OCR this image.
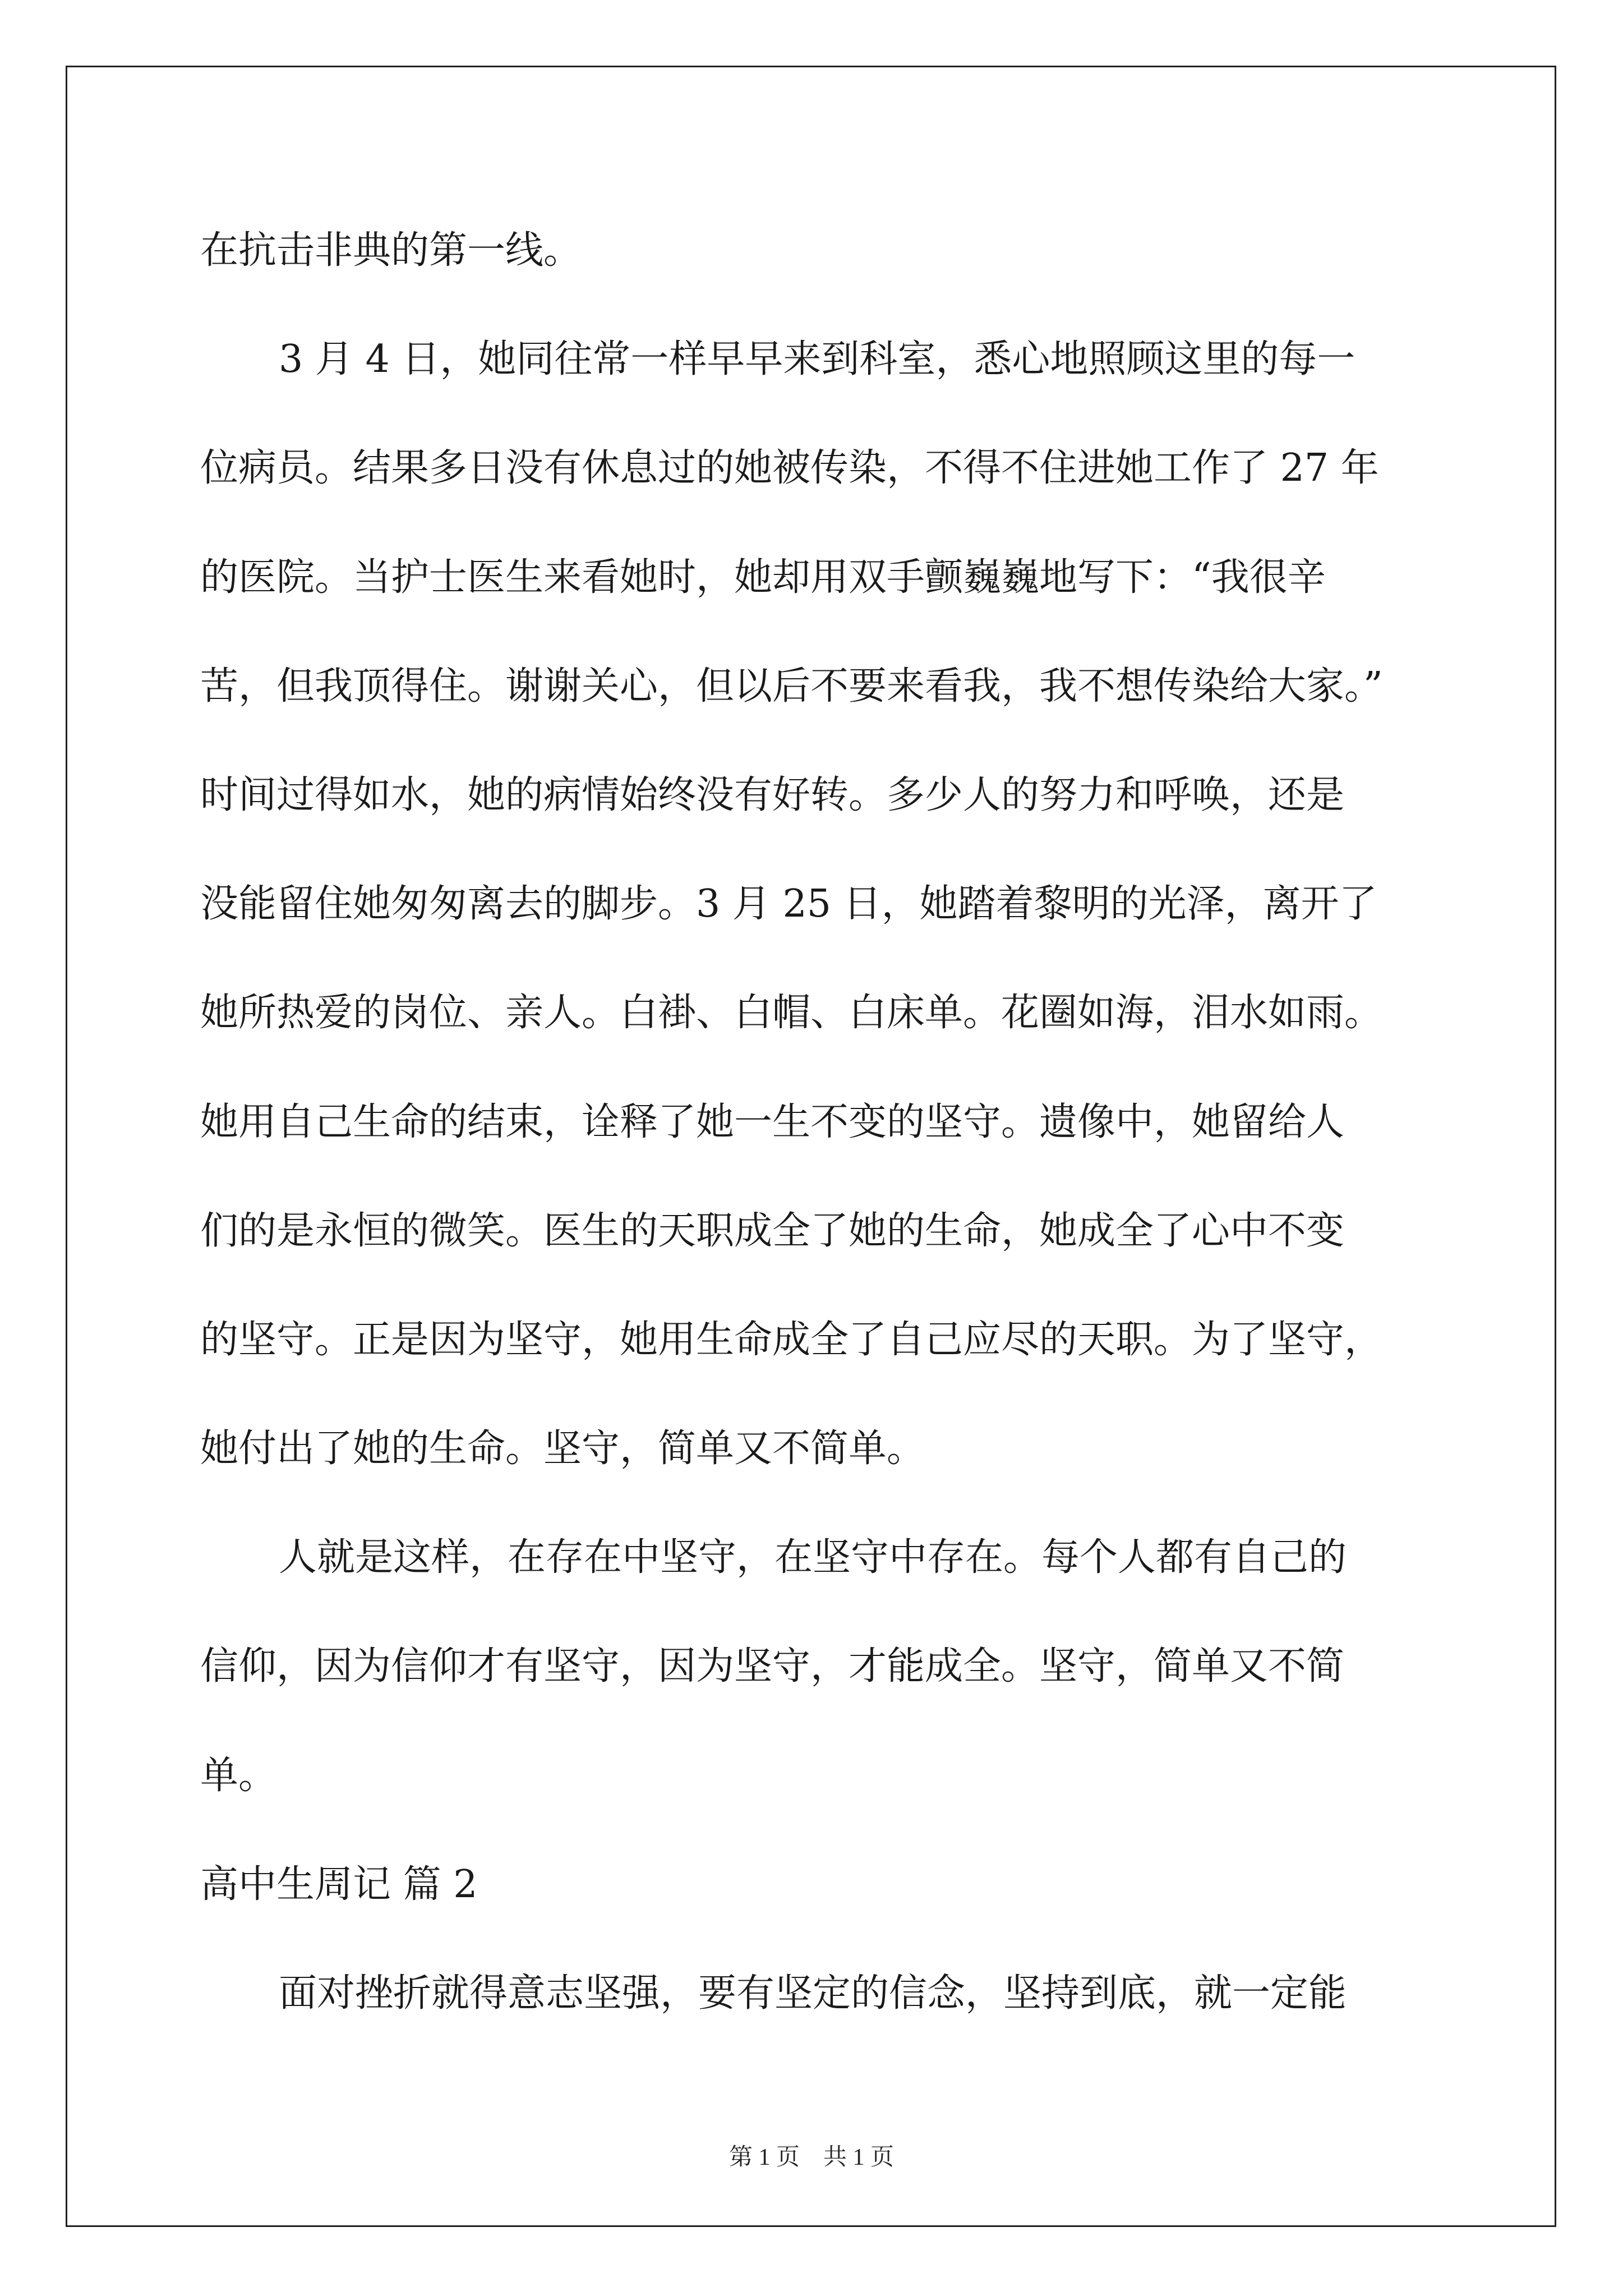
在抗击非典的第一线。
3 月 4 日，她同往常一样早早来到科室，悉心地照顾这里的每一
位病员。结果多日没有休息过的她被传染，不得不住进她工作了 27 年
的医院。当护士医生来看她时，她却用双手颤巍巍地写下：“我很辛
苦，但我顶得住。谢谢关心，但以后不要来看我，我不想传染给大家。”
时间过得如水，她的病情始终没有好转。多少人的努力和呼唤，还是
没能留住她匆匆离去的脚步。3 月 25 日，她踏着黎明的光泽，离开了
她所热爱的岗位、亲人。白褂、白帽、白床单。花圈如海，泪水如雨。
她用自己生命的结束，诠释了她一生不变的坚守。遗像中，她留给人
们的是永恒的微笑。医生的天职成全了她的生命，她成全了心中不变
的坚守。正是因为坚守，她用生命成全了自己应尽的天职。为了坚守，
她付出了她的生命。坚守，简单又不简单。
人就是这样，在存在中坚守，在坚守中存在。每个人都有自己的
信仰，因为信仰才有坚守，因为坚守，才能成全。坚守，简单又不简
单。
高中生周记 篇 2
面对挫折就得意志坚强，要有坚定的信念，坚持到底，就一定能
第 1 页　共 1 页
